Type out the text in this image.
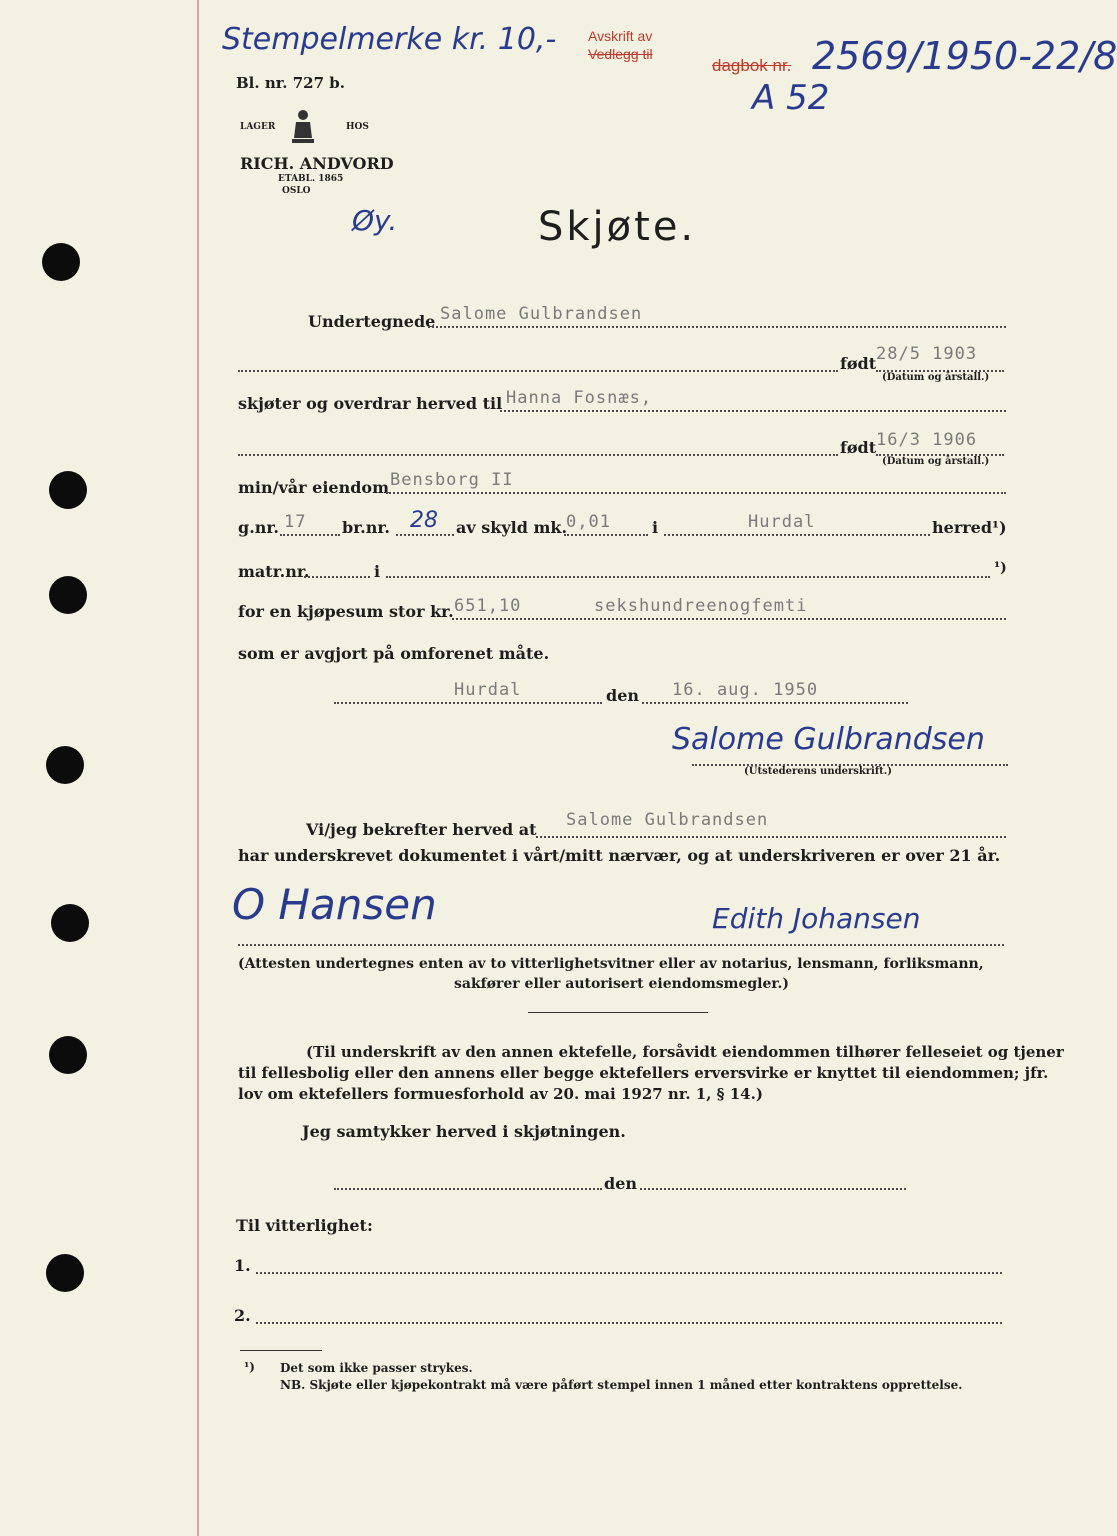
Stempelmerke kr. 10,- Avskrift av
Vedlegg til
dagbok nr. 2569/1950-22/8
A 52
Bl. nr. 727 b.
LAGER	HOS
RICH. ANDVORD
ETABL. 1865
OSLO
Øy.	Skjøte.
Undertegnede Salome Gulbrandsen
født 28/5 1903
(Datum og årstall.)
skjøter og overdrar herved til Hanna Fosnæs,
født 16/3 1906
(Datum og årstall.)
min/vår eiendom Bensborg II
g.nr. 17 br.nr. 28 av skyld mk.
0,01	i	Hurdal	herred¹)
matr.nr.	i	¹)
for en kjøpesum stor kr. 651,10	sekshundreenogfemti
som er avgjort på omforenet måte.
Hurdal	den 16. aug. 1950
Salome Gulbrandsen
(Utstederens underskrift.)
Vi/jeg bekrefter herved at Salome Gulbrandsen
har underskrevet dokumentet i vårt/mitt nærvær, og at underskriveren er over 21 år.
O Hansen	Edith Johansen
(Attesten undertegnes enten av to vitterlighetsvitner eller av notarius, lensmann, forliksmann,
sakfører eller autorisert eiendomsmegler.)
(Til underskrift av den annen ektefelle, forsåvidt eiendommen tilhører felleseiet og tjener
til fellesbolig eller den annens eller begge ektefellers erversvirke er knyttet til eiendommen; jfr.
lov om ektefellers formuesforhold av 20. mai 1927 nr. 1, § 14.)
Jeg samtykker herved i skjøtningen.
den
Til vitterlighet:
1.
2.
¹) Det som ikke passer strykes.
NB. Skjøte eller kjøpekontrakt må være påført stempel innen 1 måned etter kontraktens opprettelse.
